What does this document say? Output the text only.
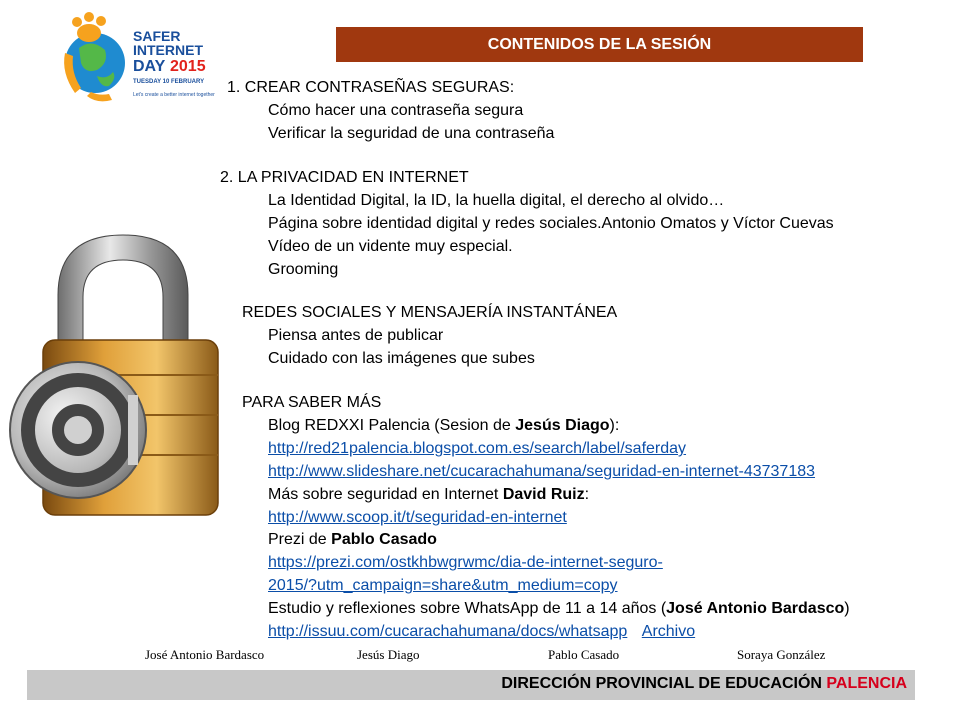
SAFER
INTERNET
DAY 2015
TUESDAY 10 FEBRUARY
Let's create a better internet together
CONTENIDOS DE LA SESIÓN
1. CREAR CONTRASEÑAS SEGURAS:
Cómo hacer una contraseña segura
Verificar la seguridad de una contraseña
2. LA PRIVACIDAD EN INTERNET
La Identidad Digital, la ID, la huella digital, el derecho al olvido…
Página sobre identidad digital y redes sociales.Antonio Omatos y Víctor Cuevas
Vídeo de un vidente muy especial.
Grooming
REDES SOCIALES Y MENSAJERÍA INSTANTÁNEA
Piensa antes de publicar
Cuidado con las imágenes que subes
PARA SABER MÁS
Blog REDXXI Palencia (Sesion de Jesús Diago):
http://red21palencia.blogspot.com.es/search/label/saferday
http://www.slideshare.net/cucarachahumana/seguridad-en-internet-43737183
Más sobre seguridad en Internet David Ruiz:
http://www.scoop.it/t/seguridad-en-internet
Prezi de Pablo Casado
https://prezi.com/ostkhbwgrwmc/dia-de-internet-seguro-
2015/?utm_campaign=share&utm_medium=copy
Estudio y reflexiones sobre WhatsApp de 11 a 14 años (José Antonio Bardasco)
http://issuu.com/cucarachahumana/docs/whatsapp Archivo
José Antonio Bardasco	Jesús Diago	Pablo Casado	Soraya González
DIRECCIÓN PROVINCIAL DE EDUCACIÓN PALENCIA
